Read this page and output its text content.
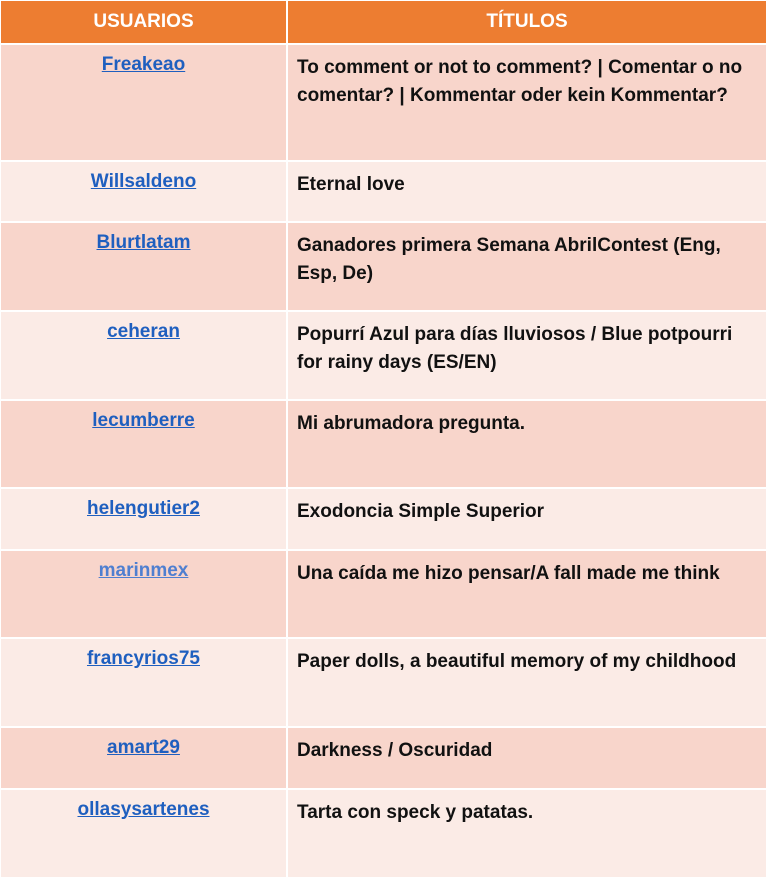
USUARIOS	TÍTULOS
Freakeao	To comment or not to comment? | Comentar o no comentar? | Kommentar oder kein Kommentar?
Willsaldeno	Eternal love
Blurtlatam	Ganadores primera Semana AbrilContest (Eng, Esp, De)
ceheran	Popurrí Azul para días lluviosos / Blue potpourri for rainy days (ES/EN)
lecumberre	Mi abrumadora pregunta.
helengutier2	Exodoncia Simple Superior
marinmex	Una caída me hizo pensar/A fall made me think
francyrios75	Paper dolls, a beautiful memory of my childhood
amart29	Darkness / Oscuridad
ollasysartenes	Tarta con speck y patatas.
